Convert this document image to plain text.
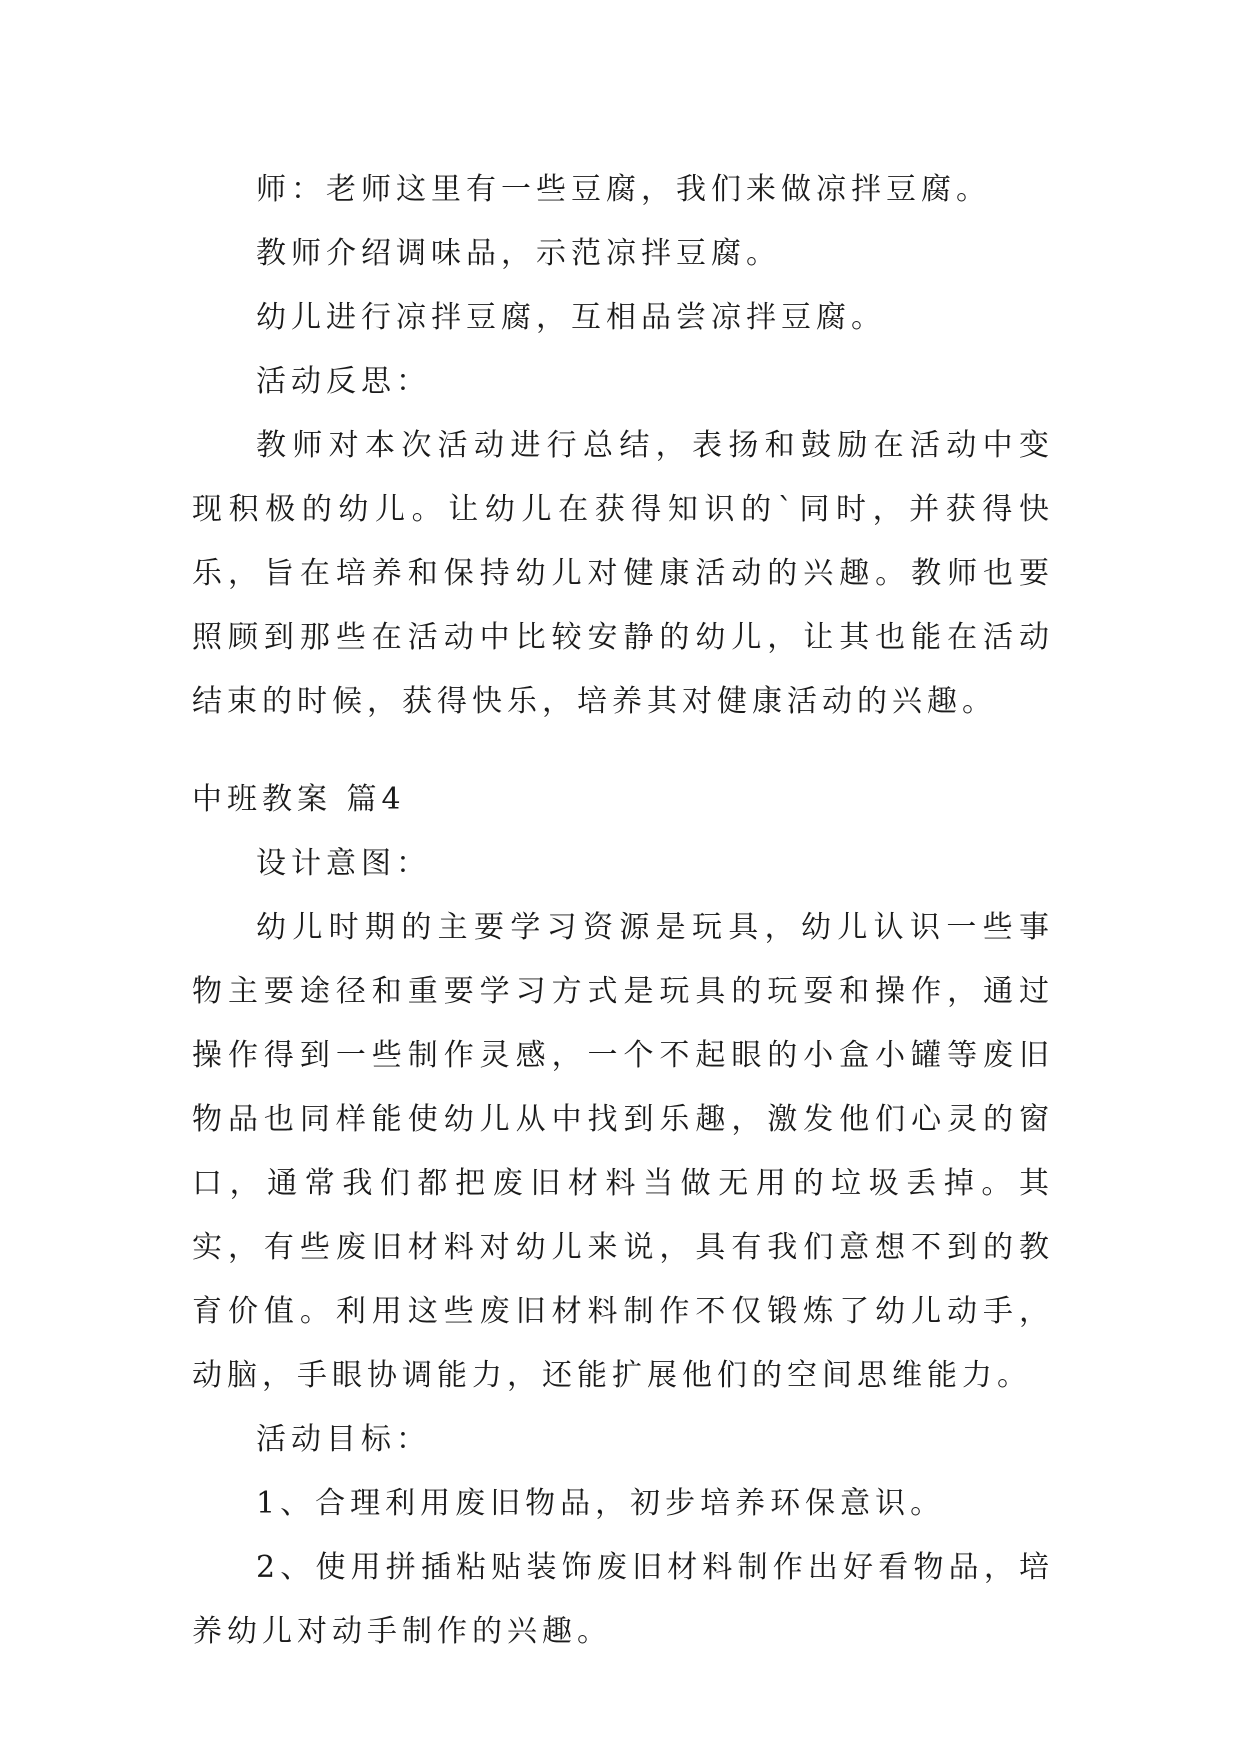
师：老师这里有一些豆腐，我们来做凉拌豆腐。

教师介绍调味品，示范凉拌豆腐。

幼儿进行凉拌豆腐，互相品尝凉拌豆腐。

活动反思：

教师对本次活动进行总结，表扬和鼓励在活动中变现积极的幼儿。让幼儿在获得知识的`同时，并获得快乐，旨在培养和保持幼儿对健康活动的兴趣。教师也要照顾到那些在活动中比较安静的幼儿，让其也能在活动结束的时候，获得快乐，培养其对健康活动的兴趣。

中班教案 篇4

设计意图：

幼儿时期的主要学习资源是玩具，幼儿认识一些事物主要途径和重要学习方式是玩具的玩耍和操作，通过操作得到一些制作灵感，一个不起眼的小盒小罐等废旧物品也同样能使幼儿从中找到乐趣，激发他们心灵的窗口，通常我们都把废旧材料当做无用的垃圾丢掉。其实，有些废旧材料对幼儿来说，具有我们意想不到的教育价值。利用这些废旧材料制作不仅锻炼了幼儿动手，动脑，手眼协调能力，还能扩展他们的空间思维能力。

活动目标：

1、合理利用废旧物品，初步培养环保意识。

2、使用拼插粘贴装饰废旧材料制作出好看物品，培养幼儿对动手制作的兴趣。
